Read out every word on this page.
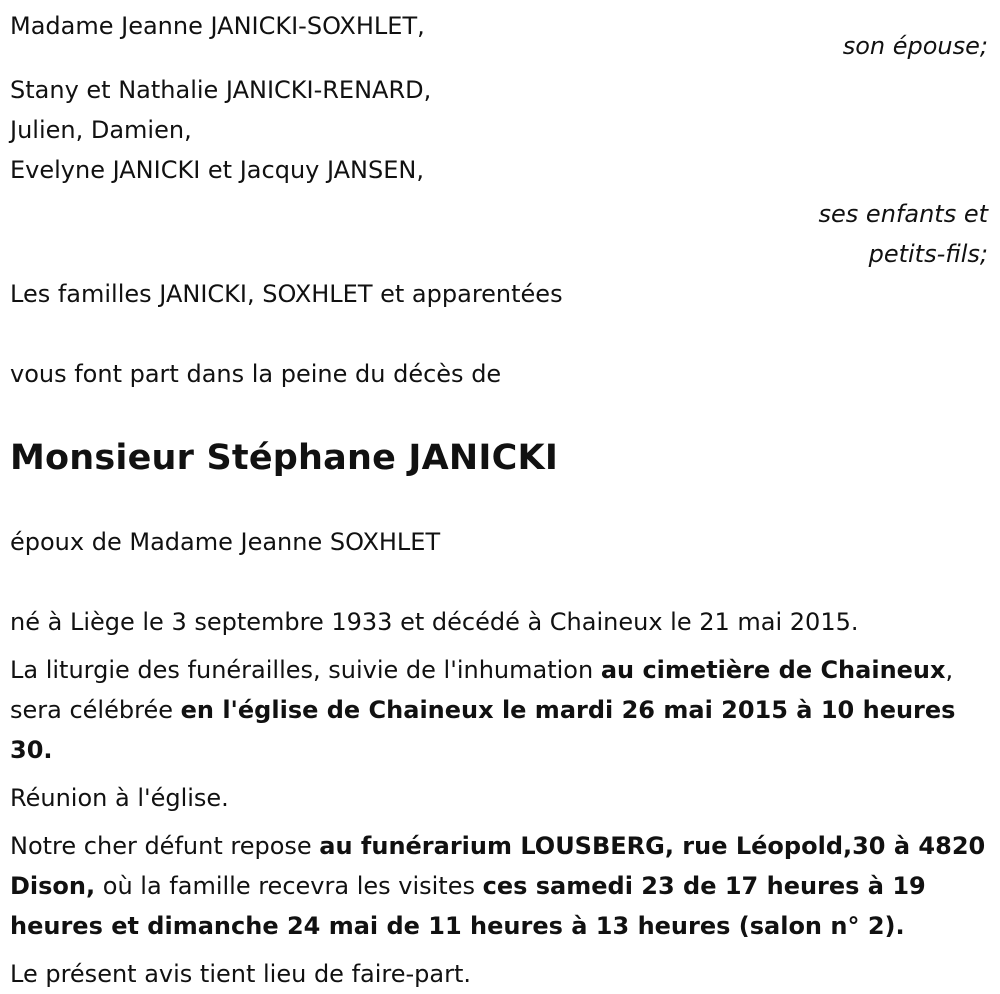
Madame Jeanne JANICKI-SOXHLET,
son épouse;
Stany et Nathalie JANICKI-RENARD,
Julien, Damien,
Evelyne JANICKI et Jacquy JANSEN,
ses enfants et
petits-fils;
Les familles JANICKI, SOXHLET et apparentées
vous font part dans la peine du décès de
Monsieur Stéphane JANICKI
époux de Madame Jeanne SOXHLET
né à Liège le 3 septembre 1933 et décédé à Chaineux le 21 mai 2015.
La liturgie des funérailles, suivie de l'inhumation au cimetière de Chaineux, sera célébrée en l'église de Chaineux le mardi 26 mai 2015 à 10 heures 30.
Réunion à l'église.
Notre cher défunt repose au funérarium LOUSBERG, rue Léopold,30 à 4820 Dison, où la famille recevra les visites ces samedi 23 de 17 heures à 19 heures et dimanche 24 mai de 11 heures à 13 heures (salon n° 2).
Le présent avis tient lieu de faire-part.
